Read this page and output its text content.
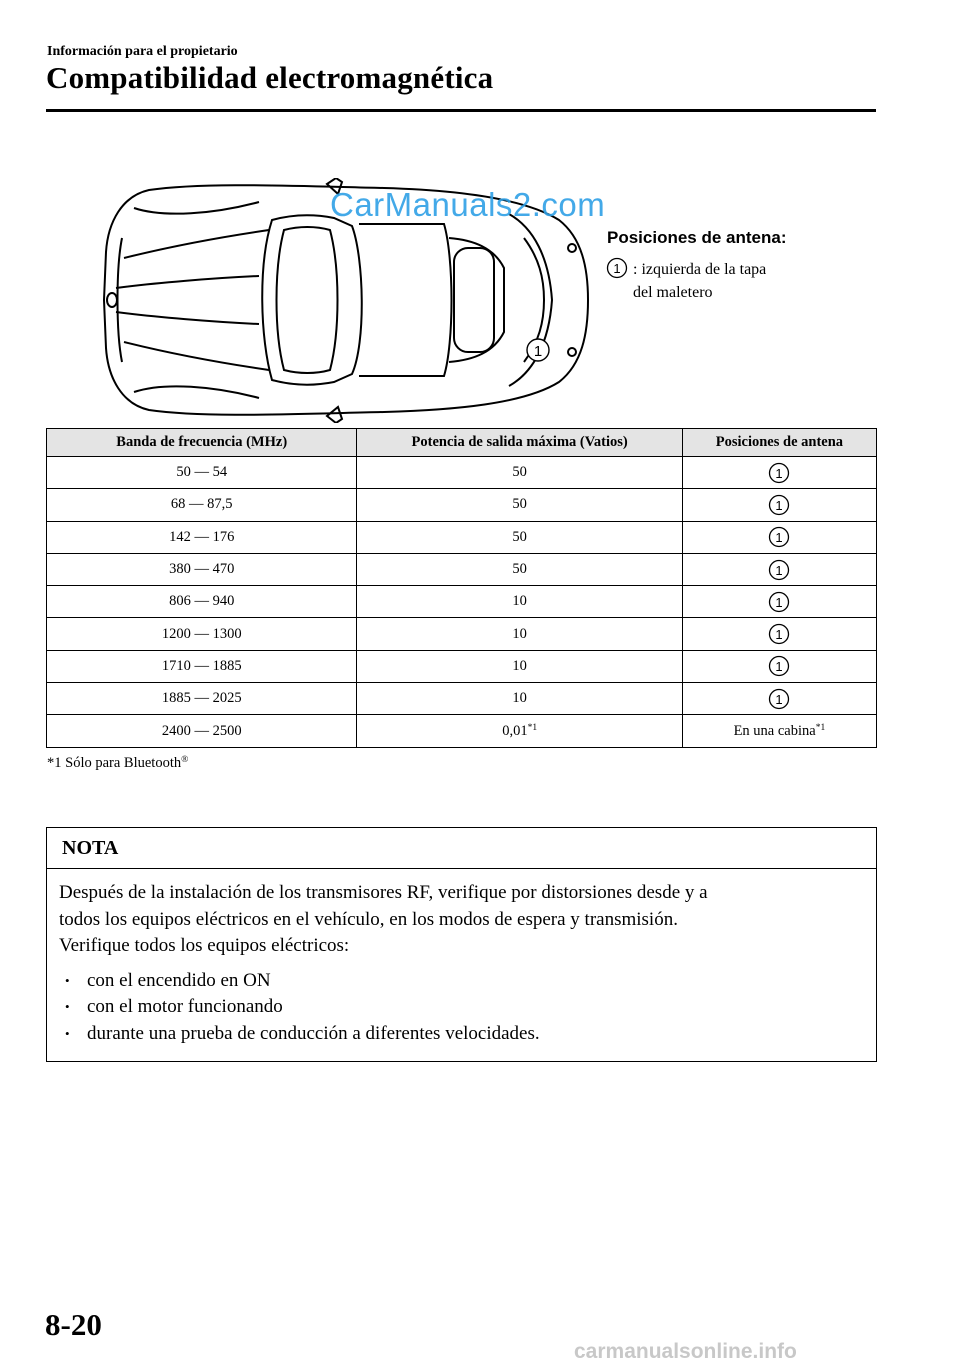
Información para el propietario
Compatibilidad electromagnética
1
CarManuals2.com
Posiciones de antena:
1 : izquierda de la tapa
del maletero
Banda de frecuencia (MHz)	Potencia de salida máxima (Vatios)	Posiciones de antena
50 — 54	50	1

68 — 87,5	50	1

142 — 176	50	1

380 — 470	50	1

806 — 940	10	1

1200 — 1300	10	1

1710 — 1885	10	1

1885 — 2025	10	1

2400 — 2500	0,01$^{*1}$	En una cabina$^{*1}$
*1 Sólo para Bluetooth®
NOTA
Después de la instalación de los transmisores RF, verifique por distorsiones desde y a
todos los equipos eléctricos en el vehículo, en los modos de espera y transmisión.
Verifique todos los equipos eléctricos:
• con el encendido en ON
• con el motor funcionando
• durante una prueba de conducción a diferentes velocidades.
8-20
carmanualsonline.info
